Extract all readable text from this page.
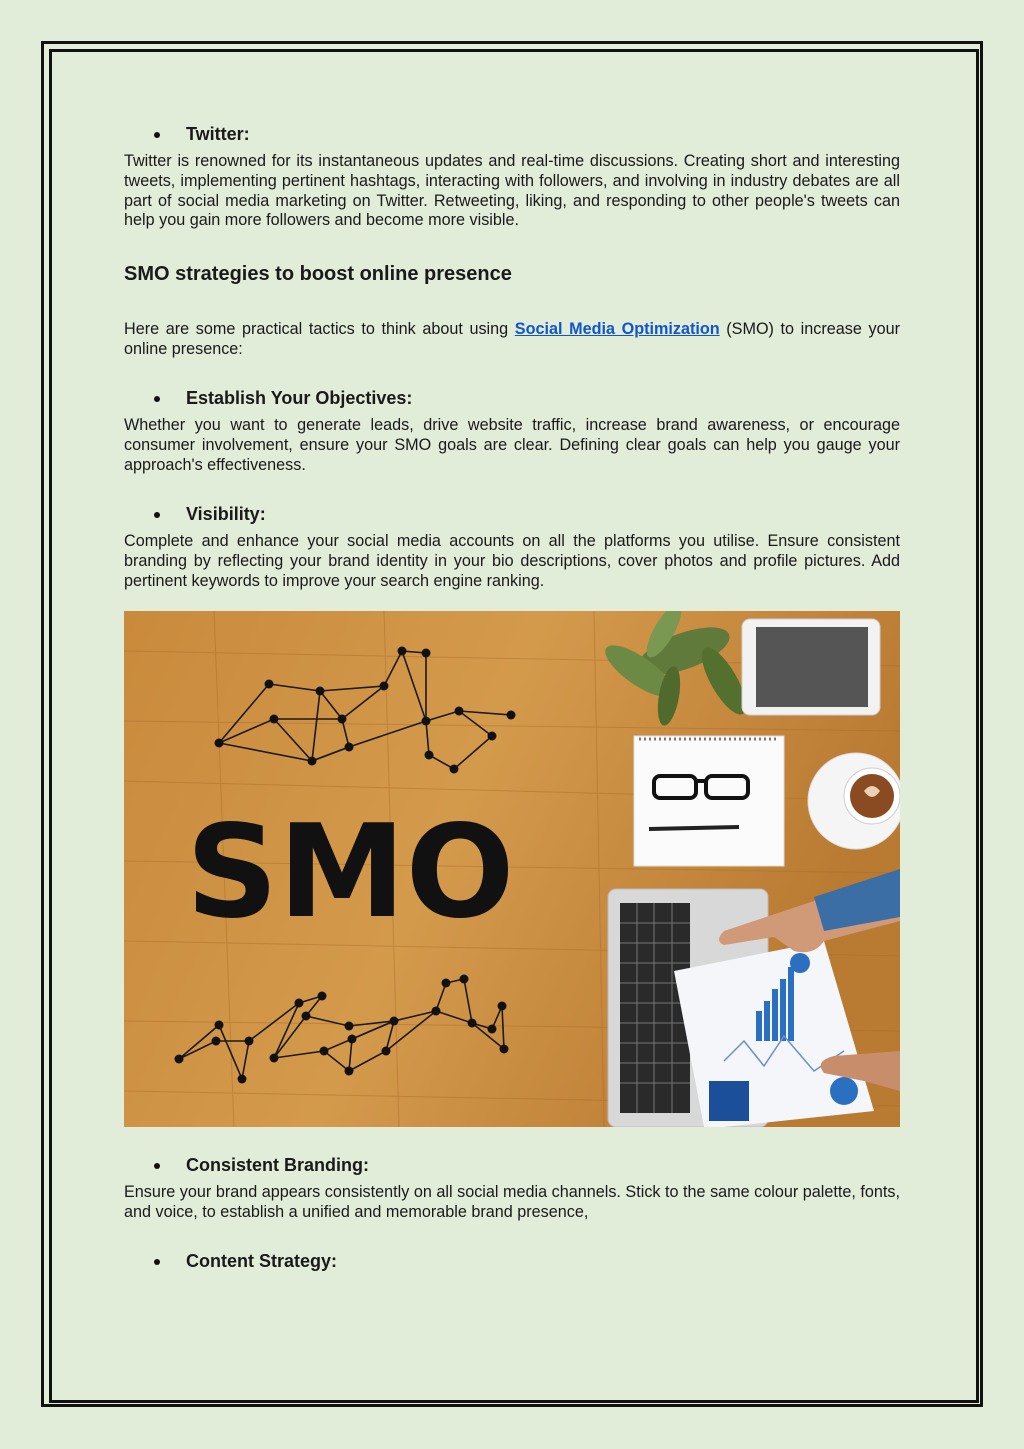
Twitter:
Twitter is renowned for its instantaneous updates and real-time discussions. Creating short and interesting tweets, implementing pertinent hashtags, interacting with followers, and involving in industry debates are all part of social media marketing on Twitter. Retweeting, liking, and responding to other people's tweets can help you gain more followers and become more visible.
SMO strategies to boost online presence
Here are some practical tactics to think about using Social Media Optimization (SMO) to increase your online presence:
Establish Your Objectives:
Whether you want to generate leads, drive website traffic, increase brand awareness, or encourage consumer involvement, ensure your SMO goals are clear. Defining clear goals can help you gauge your approach's effectiveness.
Visibility:
Complete and enhance your social media accounts on all the platforms you utilise. Ensure consistent branding by reflecting your brand identity in your bio descriptions, cover photos and profile pictures. Add pertinent keywords to improve your search engine ranking.
SMO
Consistent Branding:
Ensure your brand appears consistently on all social media channels. Stick to the same colour palette, fonts, and voice, to establish a unified and memorable brand presence,
Content Strategy:
